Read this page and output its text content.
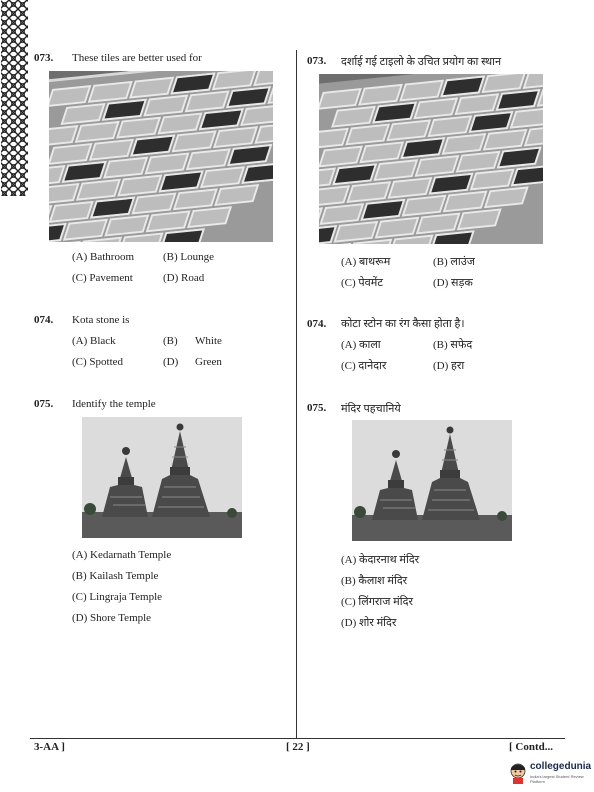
073. These tiles are better used for
(A) Bathroom	(B) Lounge
(C) Pavement	(D) Road
074. Kota stone is
(A) Black	(B) White
(C) Spotted	(D) Green
075. Identify the temple
(A) Kedarnath Temple
(B) Kailash Temple
(C) Lingraja Temple
(D) Shore Temple
073. दर्शाई गई टाइलो के उचित प्रयोग का स्थान
(A) बाथरूम	(B) लाउंज
(C) पेवमेंट	(D) सड़क
074. कोटा स्टोन का रंग कैसा होता है।
(A) काला	(B) सफेद
(C) दानेदार	(D) हरा
075. मंदिर पहचानिये
(A) केदारनाथ मंदिर
(B) कैलाश मंदिर
(C) लिंगराज मंदिर
(D) शोर मंदिर
3-AA ]	[ 22 ]	[ Contd...
collegedunia
India's largest Student Review Platform
